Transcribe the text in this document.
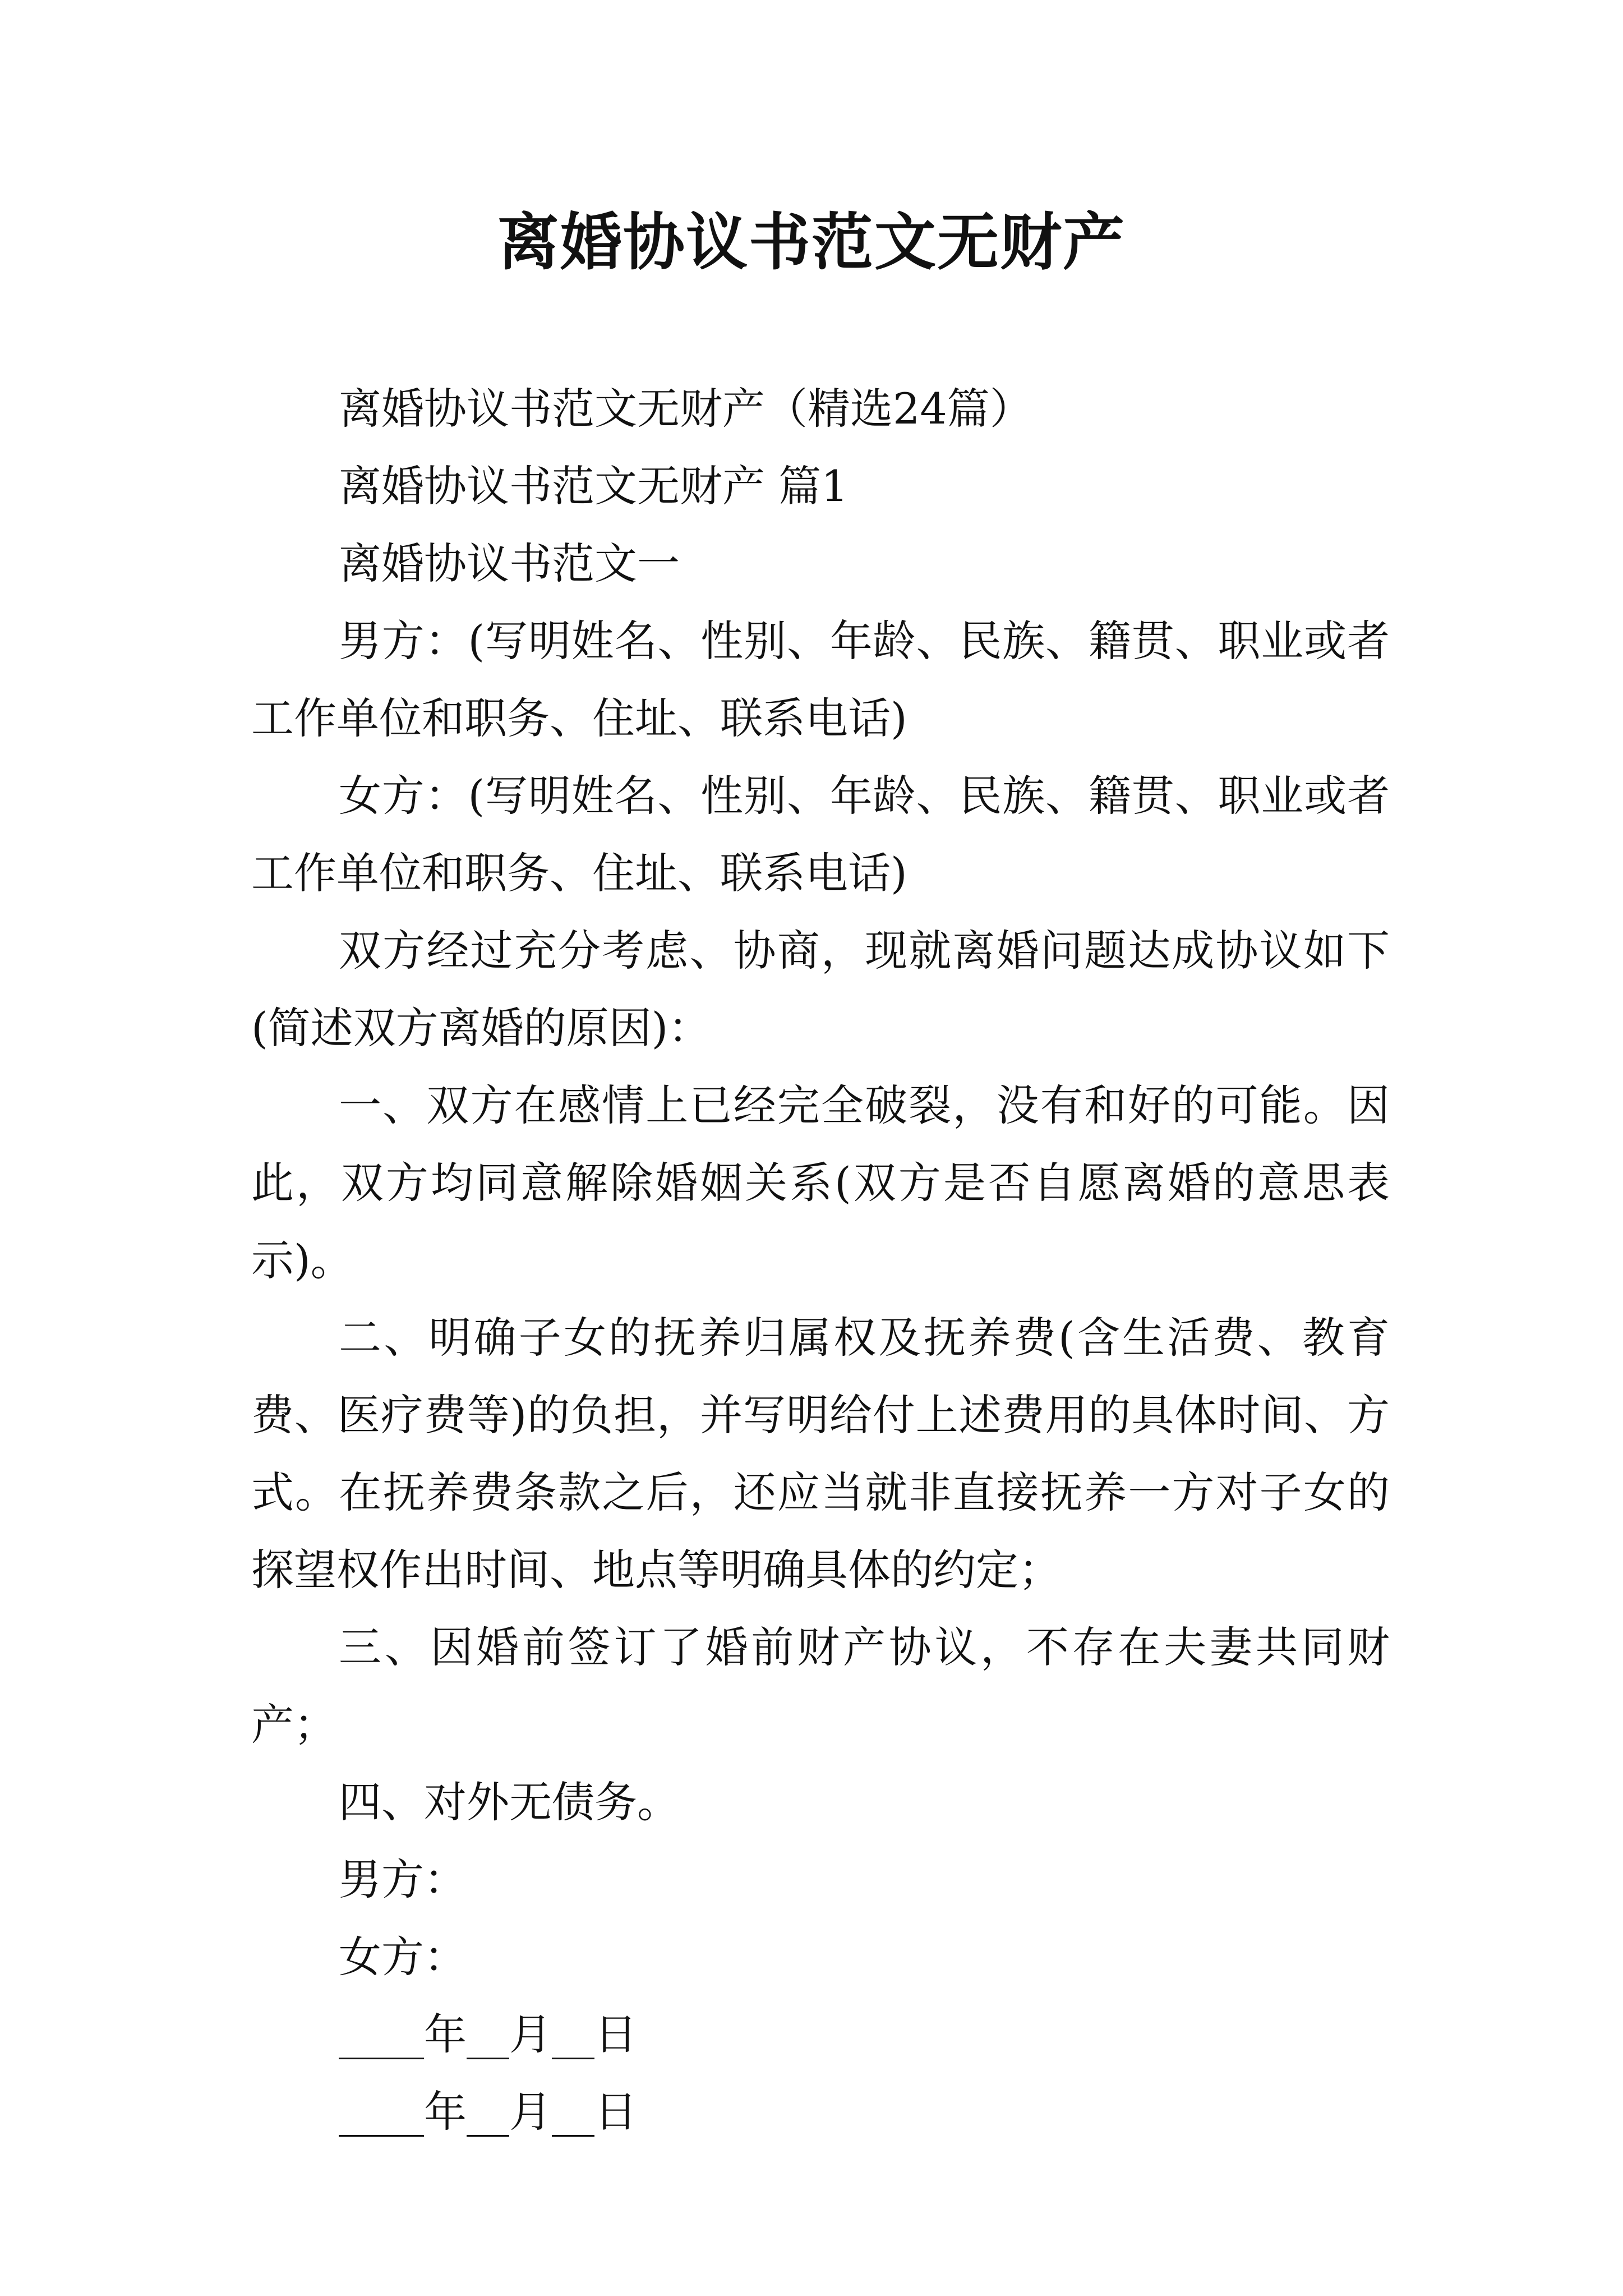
离婚协议书范文无财产

离婚协议书范文无财产（精选24篇）

离婚协议书范文无财产 篇1

离婚协议书范文一

男方：(写明姓名、性别、年龄、民族、籍贯、职业或者工作单位和职务、住址、联系电话)

女方：(写明姓名、性别、年龄、民族、籍贯、职业或者工作单位和职务、住址、联系电话)

双方经过充分考虑、协商，现就离婚问题达成协议如下(简述双方离婚的原因)：

一、双方在感情上已经完全破裂，没有和好的可能。因此，双方均同意解除婚姻关系(双方是否自愿离婚的意思表示)。

二、明确子女的抚养归属权及抚养费(含生活费、教育费、医疗费等)的负担，并写明给付上述费用的具体时间、方式。在抚养费条款之后，还应当就非直接抚养一方对子女的探望权作出时间、地点等明确具体的约定；

三、因婚前签订了婚前财产协议，不存在夫妻共同财产；

四、对外无债务。

男方：

女方：

____年__月__日

____年__月__日
